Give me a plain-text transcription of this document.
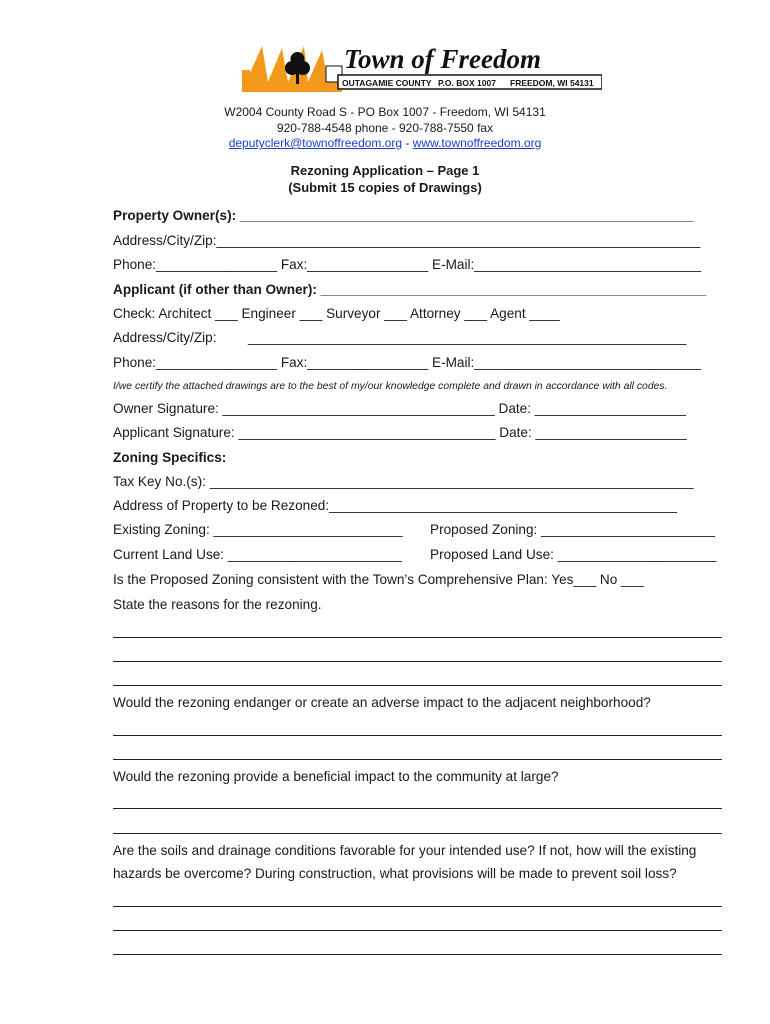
Town of Freedom
OUTAGAMIE COUNTY P.O. BOX 1007 FREEDOM, WI 54131
W2004 County Road S - PO Box 1007 - Freedom, WI 54131
920-788-4548 phone - 920-788-7550 fax
deputyclerk@townoffreedom.org - www.townoffreedom.org
Rezoning Application – Page 1
(Submit 15 copies of Drawings)
Property Owner(s): ____________________________________________________________
Address/City/Zip:________________________________________________________________
Phone:________________ Fax:________________ E-Mail:______________________________
Applicant (if other than Owner): ___________________________________________________
Check: Architect ___ Engineer ___ Surveyor ___ Attorney ___ Agent ____
Address/City/Zip: __________________________________________________________
Phone:________________ Fax:________________ E-Mail:______________________________
I/we certify the attached drawings are to the best of my/our knowledge complete and drawn in accordance with all codes.
Owner Signature: ____________________________________ Date: ____________________
Applicant Signature: __________________________________ Date: ____________________
Zoning Specifics:
Tax Key No.(s): ________________________________________________________________
Address of Property to be Rezoned:______________________________________________
Existing Zoning: _________________________ Proposed Zoning: _______________________
Current Land Use: _______________________ Proposed Land Use: _____________________
Is the Proposed Zoning consistent with the Town’s Comprehensive Plan: Yes___ No ___
State the reasons for the rezoning.
Would the rezoning endanger or create an adverse impact to the adjacent neighborhood?
Would the rezoning provide a beneficial impact to the community at large?
Are the soils and drainage conditions favorable for your intended use? If not, how will the existing
hazards be overcome? During construction, what provisions will be made to prevent soil loss?
